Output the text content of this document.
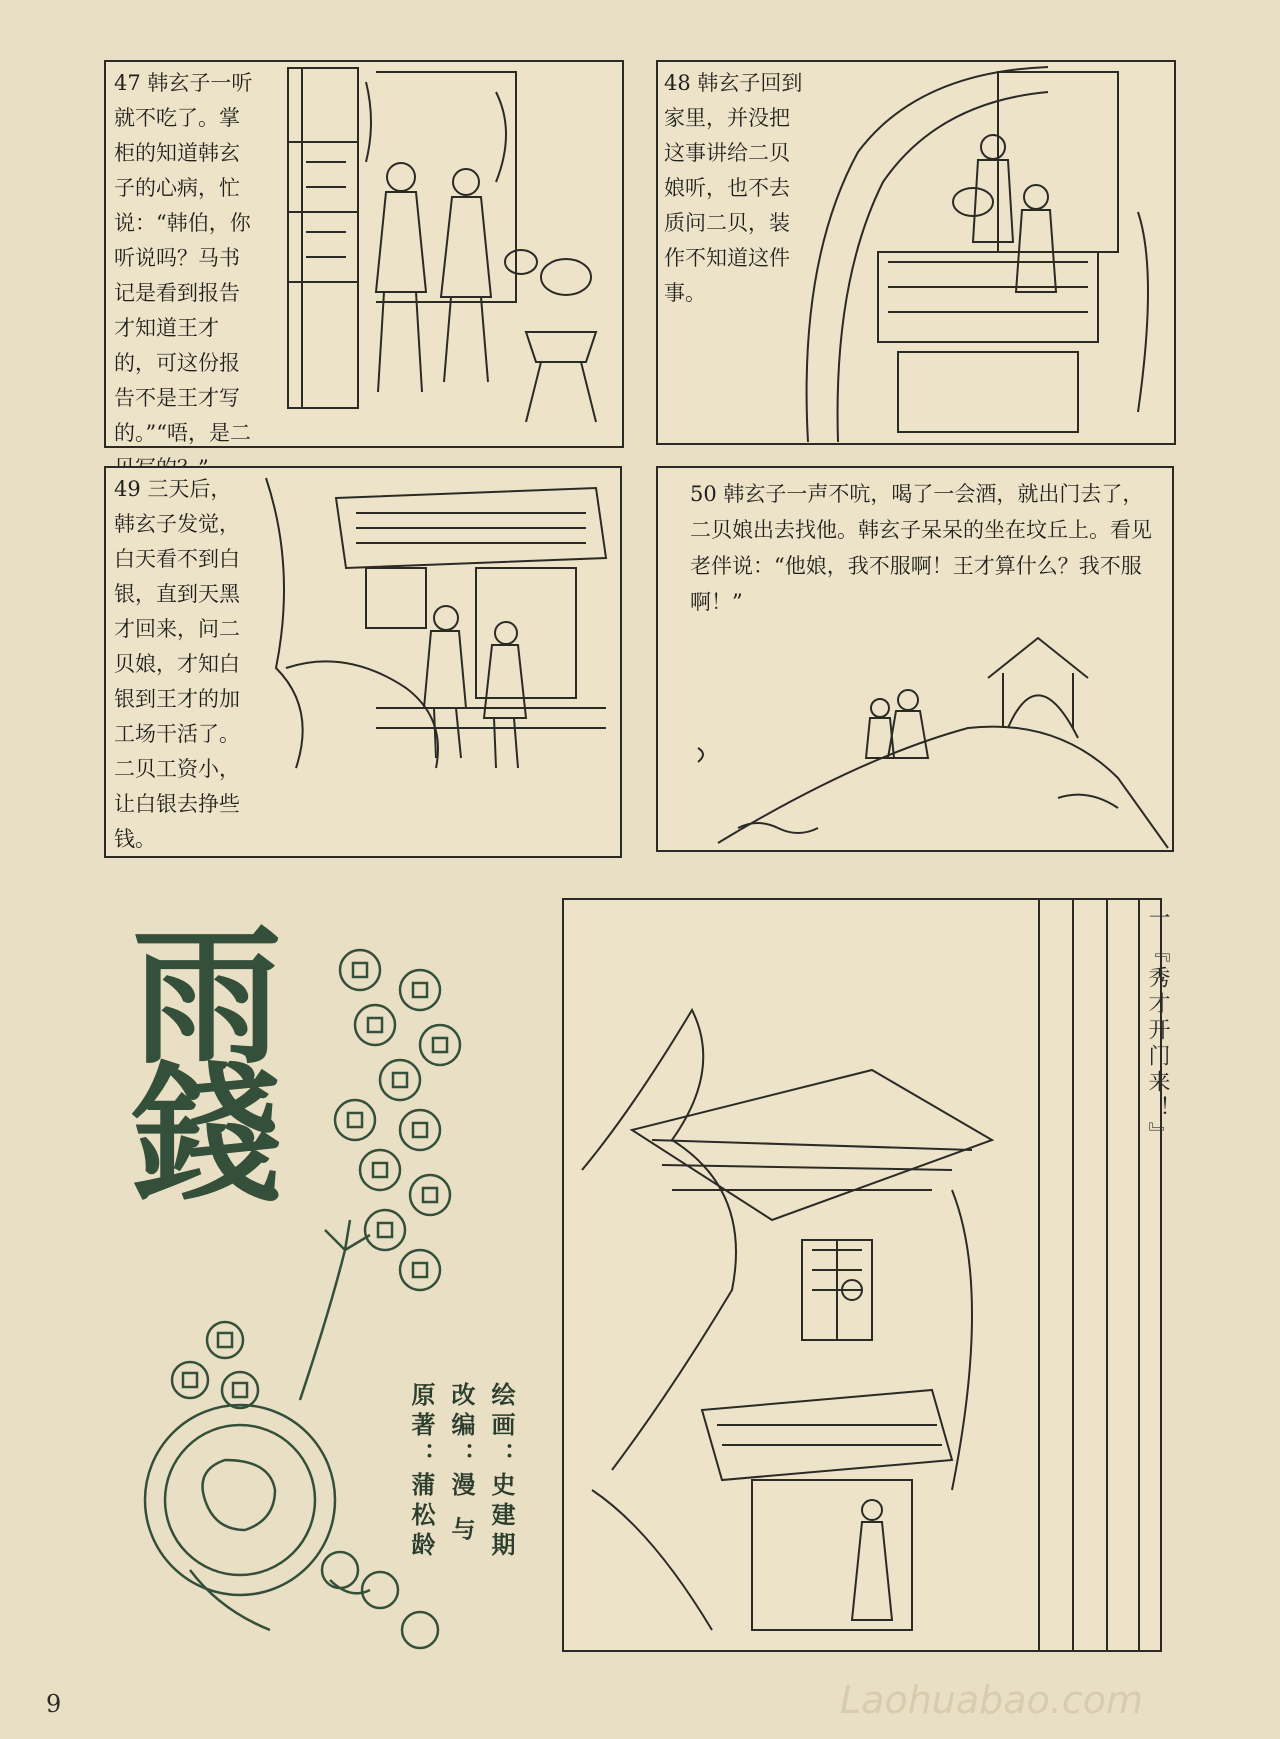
47 韩玄子一听就不吃了。掌柜的知道韩玄子的心病，忙说：“韩伯，你听说吗？马书记是看到报告才知道王才的，可这份报告不是王才写的。”“唔，是二
48 韩玄子回到家里，并没把这事讲给二贝娘听，也不去质问二贝，装作不知道这件事。
49 三天后，韩玄子发觉，白天看不到白银，直到天黑才回来，问二贝娘，才知白银到王才的加工场干活了。二贝工资小，让白银去挣些钱。
50 韩玄子一声不吭，喝了一会酒，就出门去了，二贝娘出去找他。韩玄子呆呆的坐在坟丘上。看见老伴说：“他娘，我不服啊！王才算什么？我不服啊！”
雨
錢
绘画：史建期
改编：漫 与
原著：蒲松龄
一
『秀才开门来！』
9	Laohuabao.com
